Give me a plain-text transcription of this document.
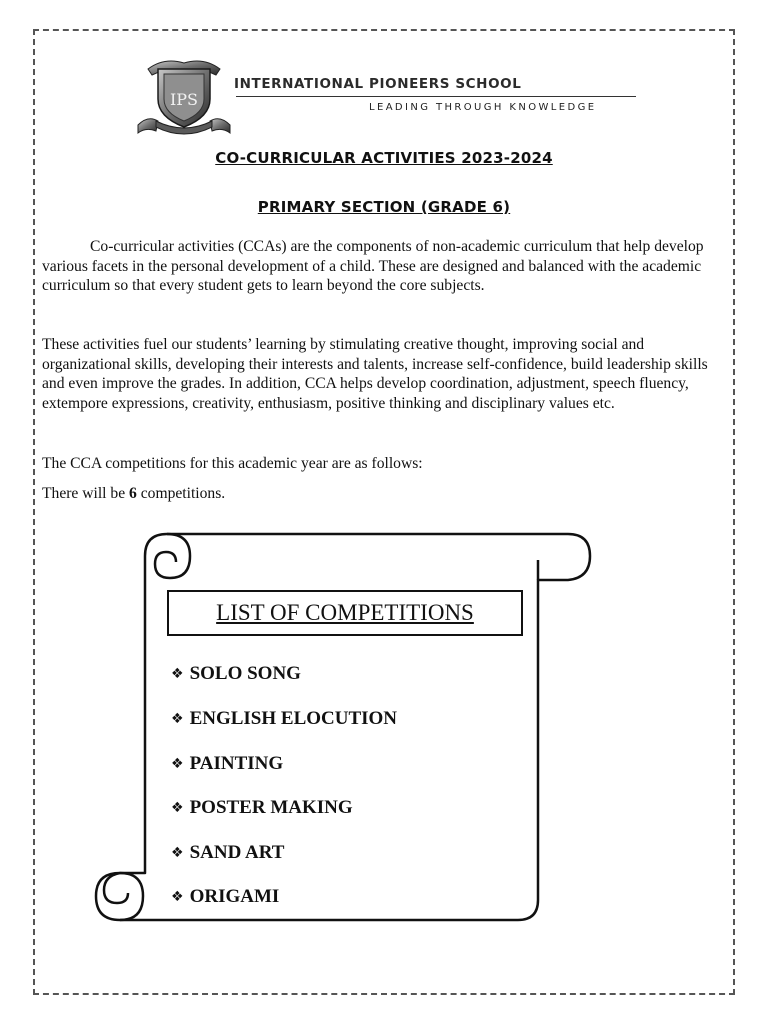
IPS
INTERNATIONAL PIONEERS SCHOOL
LEADING THROUGH KNOWLEDGE
CO-CURRICULAR ACTIVITIES 2023-2024
PRIMARY SECTION (GRADE 6)

Co-curricular activities (CCAs) are the components of non-academic curriculum that help develop various facets in the personal development of a child. These are designed and balanced with the academic curriculum so that every student gets to learn beyond the core subjects.

These activities fuel our students’ learning by stimulating creative thought, improving social and organizational skills, developing their interests and talents, increase self-confidence, build leadership skills and even improve the grades. In addition, CCA helps develop coordination, adjustment, speech fluency, extempore expressions, creativity, enthusiasm, positive thinking and disciplinary values etc.

The CCA competitions for this academic year are as follows:

There will be 6 competitions.

LIST OF COMPETITIONS
❖ SOLO SONG
❖ ENGLISH ELOCUTION
❖ PAINTING
❖ POSTER MAKING
❖ SAND ART
❖ ORIGAMI
